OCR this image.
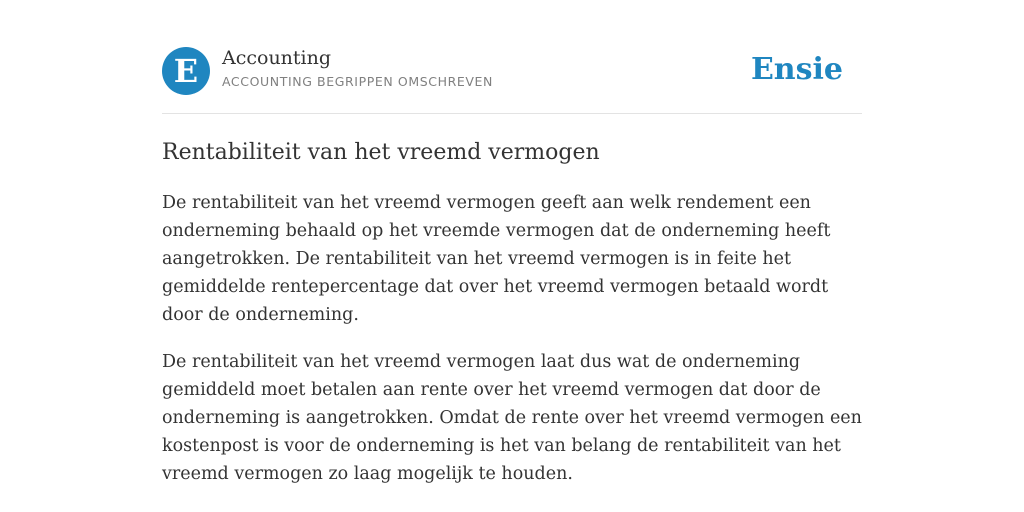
E	Accounting
ACCOUNTING BEGRIPPEN OMSCHREVEN	Ensie
Rentabiliteit van het vreemd vermogen

De rentabiliteit van het vreemd vermogen geeft aan welk rendement een onderneming behaald op het vreemde vermogen dat de onderneming heeft aangetrokken. De rentabiliteit van het vreemd vermogen is in feite het gemiddelde rentepercentage dat over het vreemd vermogen betaald wordt door de onderneming.

De rentabiliteit van het vreemd vermogen laat dus wat de onderneming gemiddeld moet betalen aan rente over het vreemd vermogen dat door de onderneming is aangetrokken. Omdat de rente over het vreemd vermogen een kostenpost is voor de onderneming is het van belang de rentabiliteit van het vreemd vermogen zo laag mogelijk te houden.
